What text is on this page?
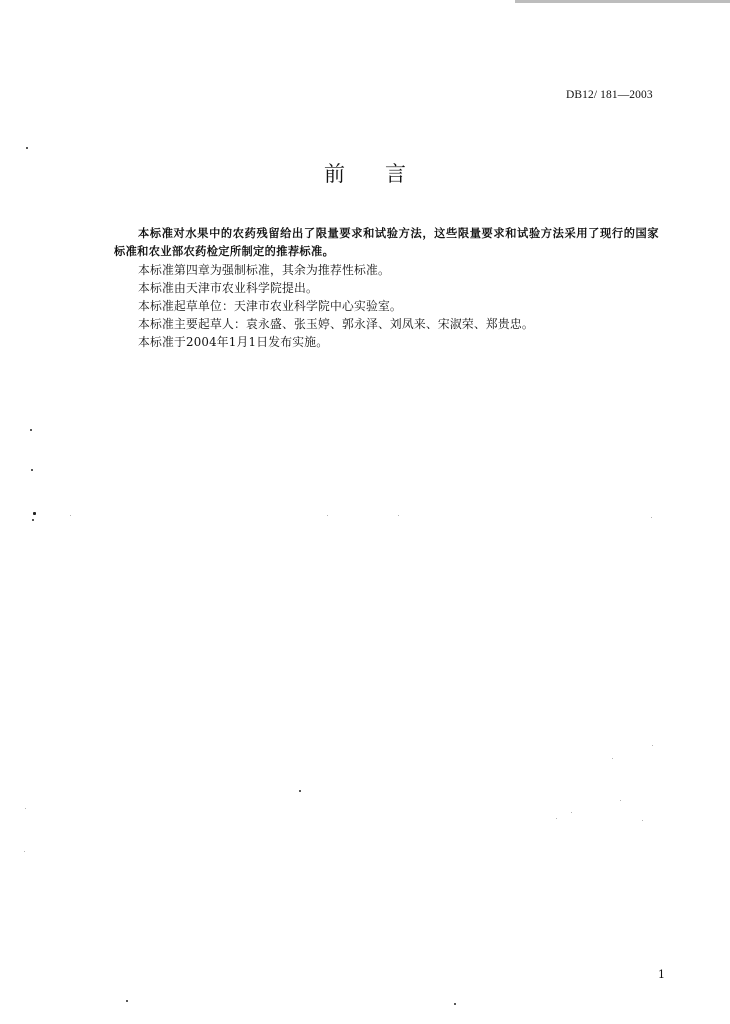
DB12/ 181—2003
前言

本标准对水果中的农药残留给出了限量要求和试验方法，这些限量要求和试验方法采用了现行的国家标准和农业部农药检定所制定的推荐标准。

本标准第四章为强制标准，其余为推荐性标准。

本标准由天津市农业科学院提出。

本标准起草单位：天津市农业科学院中心实验室。

本标准主要起草人：袁永盛、张玉婷、郭永泽、刘凤来、宋淑荣、郑贵忠。

本标准于2004年1月1日发布实施。

1
